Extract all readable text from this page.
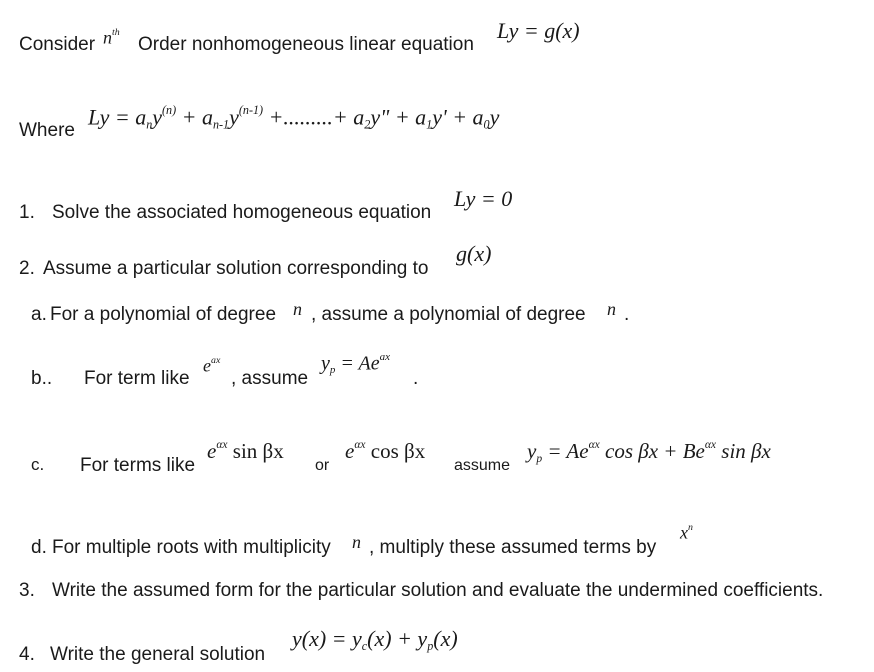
Consider $n^{th}$
Order nonhomogeneous linear equation
Ly = g(x)
Where
$Ly = a_ny^{(n)} + a_{n-1}y^{(n-1)}$ +.........+ $a_2y$" + $a_1y' + a_0y$
1. Solve the associated homogeneous equation
Ly = 0
2. Assume a particular solution corresponding to
g(x)
a. For a polynomial of degree n , assume a polynomial of degree n .
b.. For term like
$e^{ax}$
, assume
$y_p = Ae^{ax}$
.
c. For terms like
$e^{\alpha x}$ sin βx
or
$e^{\alpha x}$ cos βx
assume
$y_p = Ae^{\alpha x}$ $\cos \beta x + Be^{\alpha x}$ sin βx
d. For multiple roots with multiplicity n , multiply these assumed terms by
$x^n$
3. Write the assumed form for the particular solution and evaluate the undermined coefficients.
4. Write the general solution
$y(x) = y_c(x) + y_p(x)$
